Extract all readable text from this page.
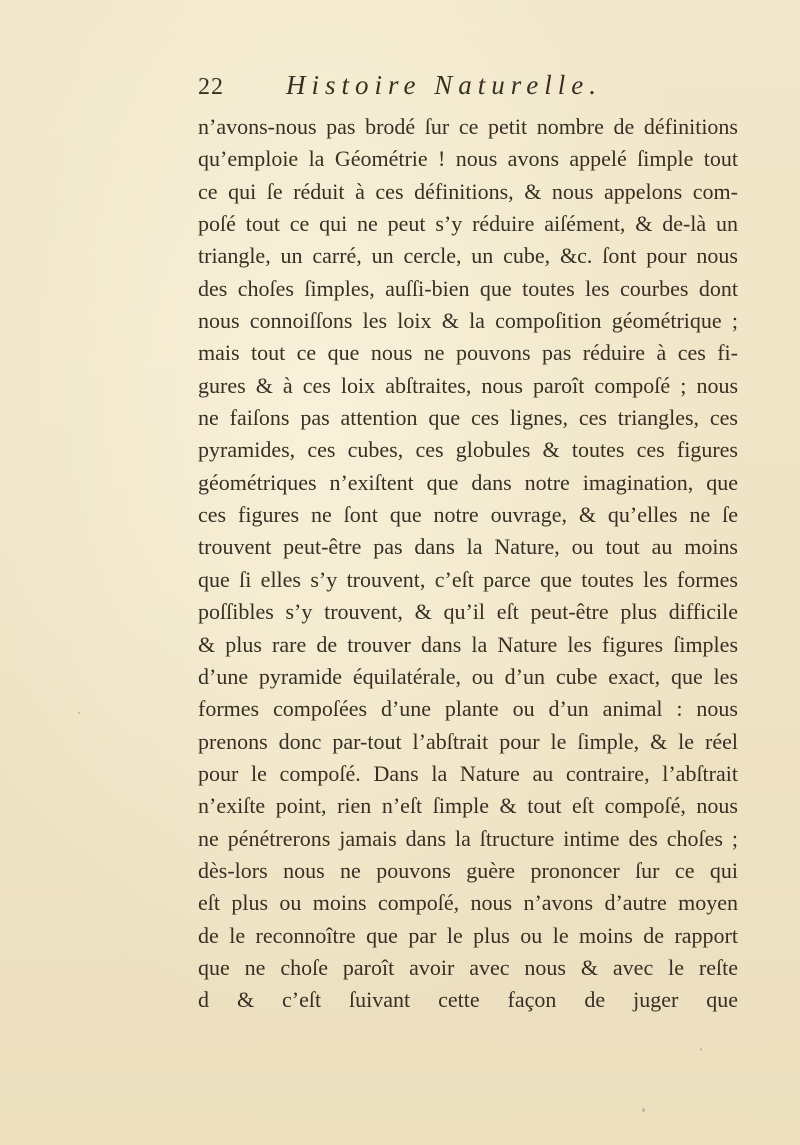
22	Histoire Naturelle.
n’avons-nous pas brodé ſur ce petit nombre de définitions
qu’emploie la Géométrie ! nous avons appelé ſimple tout
ce qui ſe réduit à ces définitions, & nous appelons com-
poſé tout ce qui ne peut s’y réduire aiſément, & de-là un
triangle, un carré, un cercle, un cube, &c. ſont pour nous
des choſes ſimples, auſſi-bien que toutes les courbes dont
nous connoiſſons les loix & la compoſition géométrique ;
mais tout ce que nous ne pouvons pas réduire à ces fi-
gures & à ces loix abſtraites, nous paroît compoſé ; nous
ne faiſons pas attention que ces lignes, ces triangles, ces
pyramides, ces cubes, ces globules & toutes ces figures
géométriques n’exiſtent que dans notre imagination, que
ces figures ne ſont que notre ouvrage, & qu’elles ne ſe
trouvent peut-être pas dans la Nature, ou tout au moins
que ſi elles s’y trouvent, c’eſt parce que toutes les formes
poſſibles s’y trouvent, & qu’il eſt peut-être plus difficile
& plus rare de trouver dans la Nature les figures ſimples
d’une pyramide équilatérale, ou d’un cube exact, que les
formes compoſées d’une plante ou d’un animal : nous
prenons donc par-tout l’abſtrait pour le ſimple, & le réel
pour le compoſé. Dans la Nature au contraire, l’abſtrait
n’exiſte point, rien n’eſt ſimple & tout eſt compoſé, nous
ne pénétrerons jamais dans la ſtructure intime des choſes ;
dès-lors nous ne pouvons guère prononcer ſur ce qui
eſt plus ou moins compoſé, nous n’avons d’autre moyen
de le reconnoître que par le plus ou le moins de rapport
que ne choſe paroît avoir avec nous & avec le reſte
d & c’eſt ſuivant cette façon de juger que
